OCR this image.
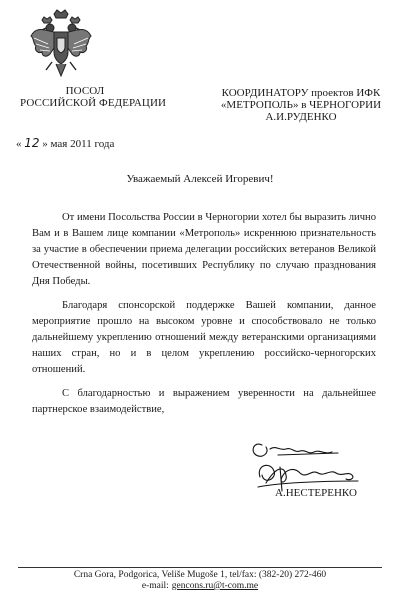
ПОСОЛ
РОССИЙСКОЙ ФЕДЕРАЦИИ
КООРДИНАТОРУ проектов ИФК
«МЕТРОПОЛЬ» в ЧЕРНОГОРИИ
А.И.РУДЕНКО
« 12 » мая 2011 года
Уважаемый Алексей Игоревич!

От имени Посольства России в Черногории хотел бы выразить лично Вам и в Вашем лице компании «Метрополь» искреннюю признательность за участие в обеспечении приема делегации российских ветеранов Великой Отечественной войны, посетивших Республику по случаю празднования Дня Победы.

Благодаря спонсорской поддержке Вашей компании, данное мероприятие прошло на высоком уровне и способствовало не только дальнейшему укреплению отношений между ветеранскими организациями наших стран, но и в целом укреплению российско-черногорских отношений.

С благодарностью и выражением уверенности на дальнейшее партнерское взаимодействие,

А.НЕСТЕРЕНКО
Crna Gora, Podgorica, Veliše Mugoše 1, tel/fax: (382-20) 272-460
e-mail: gencons.ru@t-com.me
